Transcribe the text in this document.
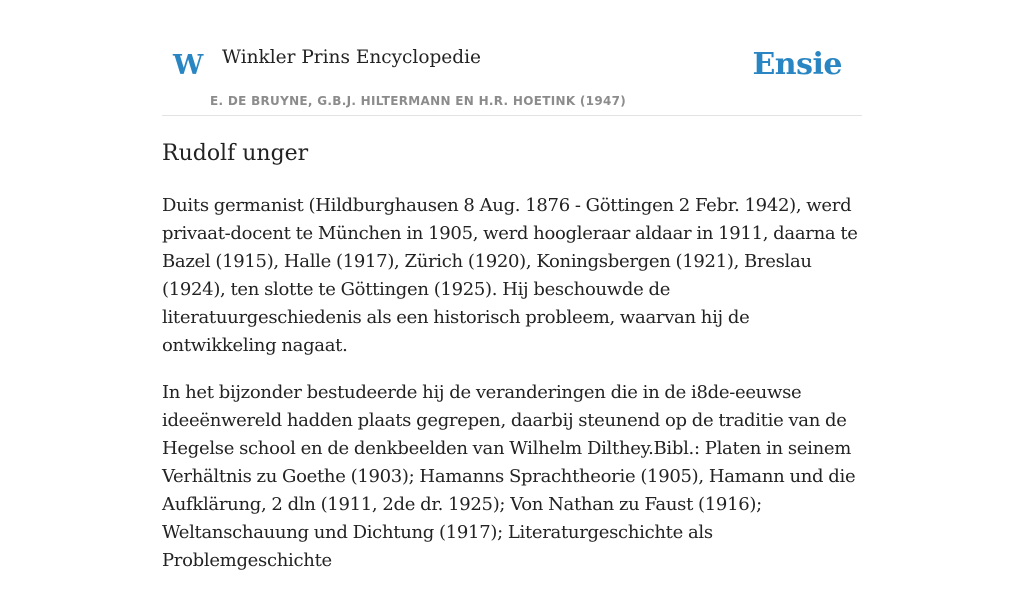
W Winkler Prins Encyclopedie
E. DE BRUYNE, G.B.J. HILTERMANN EN H.R. HOETINK (1947)
Ensie
Rudolf unger

Duits germanist (Hildburghausen 8 Aug. 1876 - Göttingen 2 Febr. 1942), werd privaat-docent te München in 1905, werd hoogleraar aldaar in 1911, daarna te Bazel (1915), Halle (1917), Zürich (1920), Koningsbergen (1921), Breslau (1924), ten slotte te Göttingen (1925). Hij beschouwde de literatuurgeschiedenis als een historisch probleem, waarvan hij de ontwikkeling nagaat.

In het bijzonder bestudeerde hij de veranderingen die in de i8de-eeuwse ideeënwereld hadden plaats gegrepen, daarbij steunend op de traditie van de Hegelse school en de denkbeelden van Wilhelm Dilthey.Bibl.: Platen in seinem Verhältnis zu Goethe (1903); Hamanns Sprachtheorie (1905), Hamann und die Aufklärung, 2 dln (1911, 2de dr. 1925); Von Nathan zu Faust (1916); Weltanschauung und Dichtung (1917); Literaturgeschichte als Problemgeschichte
